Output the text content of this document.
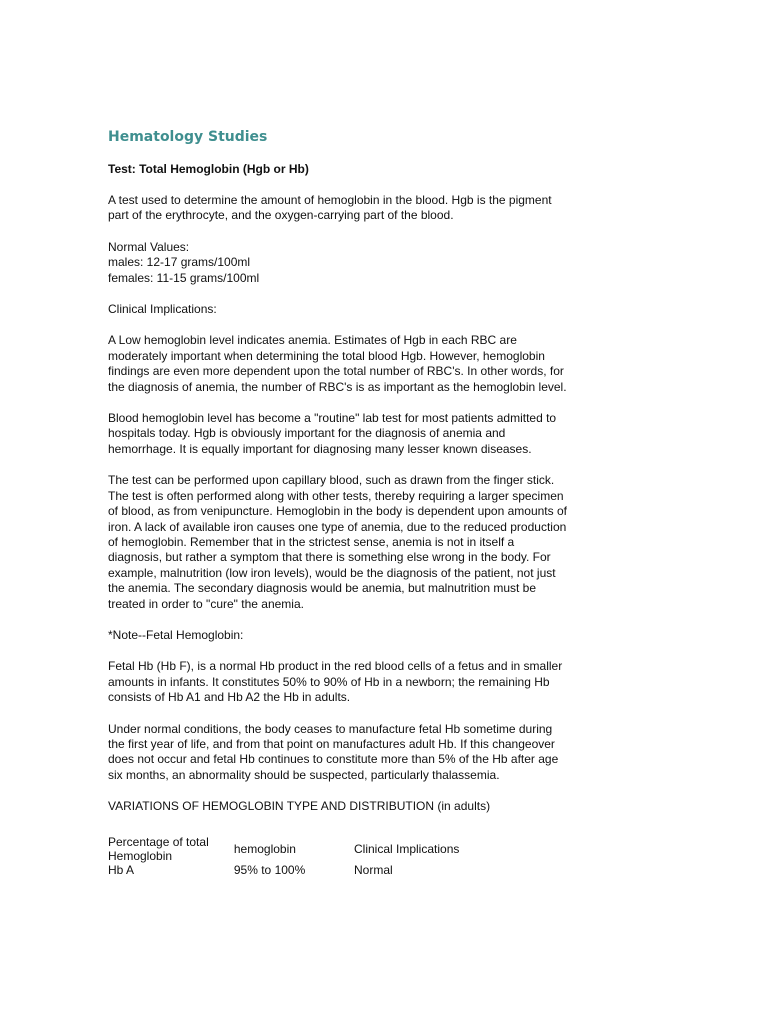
Hematology Studies
Test: Total Hemoglobin (Hgb or Hb)
A test used to determine the amount of hemoglobin in the blood. Hgb is the pigment
part of the erythrocyte, and the oxygen-carrying part of the blood.
Normal Values:
males: 12-17 grams/100ml
females: 11-15 grams/100ml
Clinical Implications:
A Low hemoglobin level indicates anemia. Estimates of Hgb in each RBC are
moderately important when determining the total blood Hgb. However, hemoglobin
findings are even more dependent upon the total number of RBC's. In other words, for
the diagnosis of anemia, the number of RBC's is as important as the hemoglobin level.
Blood hemoglobin level has become a "routine" lab test for most patients admitted to
hospitals today. Hgb is obviously important for the diagnosis of anemia and
hemorrhage. It is equally important for diagnosing many lesser known diseases.
The test can be performed upon capillary blood, such as drawn from the finger stick.
The test is often performed along with other tests, thereby requiring a larger specimen
of blood, as from venipuncture. Hemoglobin in the body is dependent upon amounts of
iron. A lack of available iron causes one type of anemia, due to the reduced production
of hemoglobin. Remember that in the strictest sense, anemia is not in itself a
diagnosis, but rather a symptom that there is something else wrong in the body. For
example, malnutrition (low iron levels), would be the diagnosis of the patient, not just
the anemia. The secondary diagnosis would be anemia, but malnutrition must be
treated in order to "cure" the anemia.
*Note--Fetal Hemoglobin:
Fetal Hb (Hb F), is a normal Hb product in the red blood cells of a fetus and in smaller
amounts in infants. It constitutes 50% to 90% of Hb in a newborn; the remaining Hb
consists of Hb A1 and Hb A2 the Hb in adults.
Under normal conditions, the body ceases to manufacture fetal Hb sometime during
the first year of life, and from that point on manufactures adult Hb. If this changeover
does not occur and fetal Hb continues to constitute more than 5% of the Hb after age
six months, an abnormality should be suspected, particularly thalassemia.
VARIATIONS OF HEMOGLOBIN TYPE AND DISTRIBUTION (in adults)
Percentage of total
Hemoglobin	hemoglobin	Clinical Implications
Hb A	95% to 100%	Normal
